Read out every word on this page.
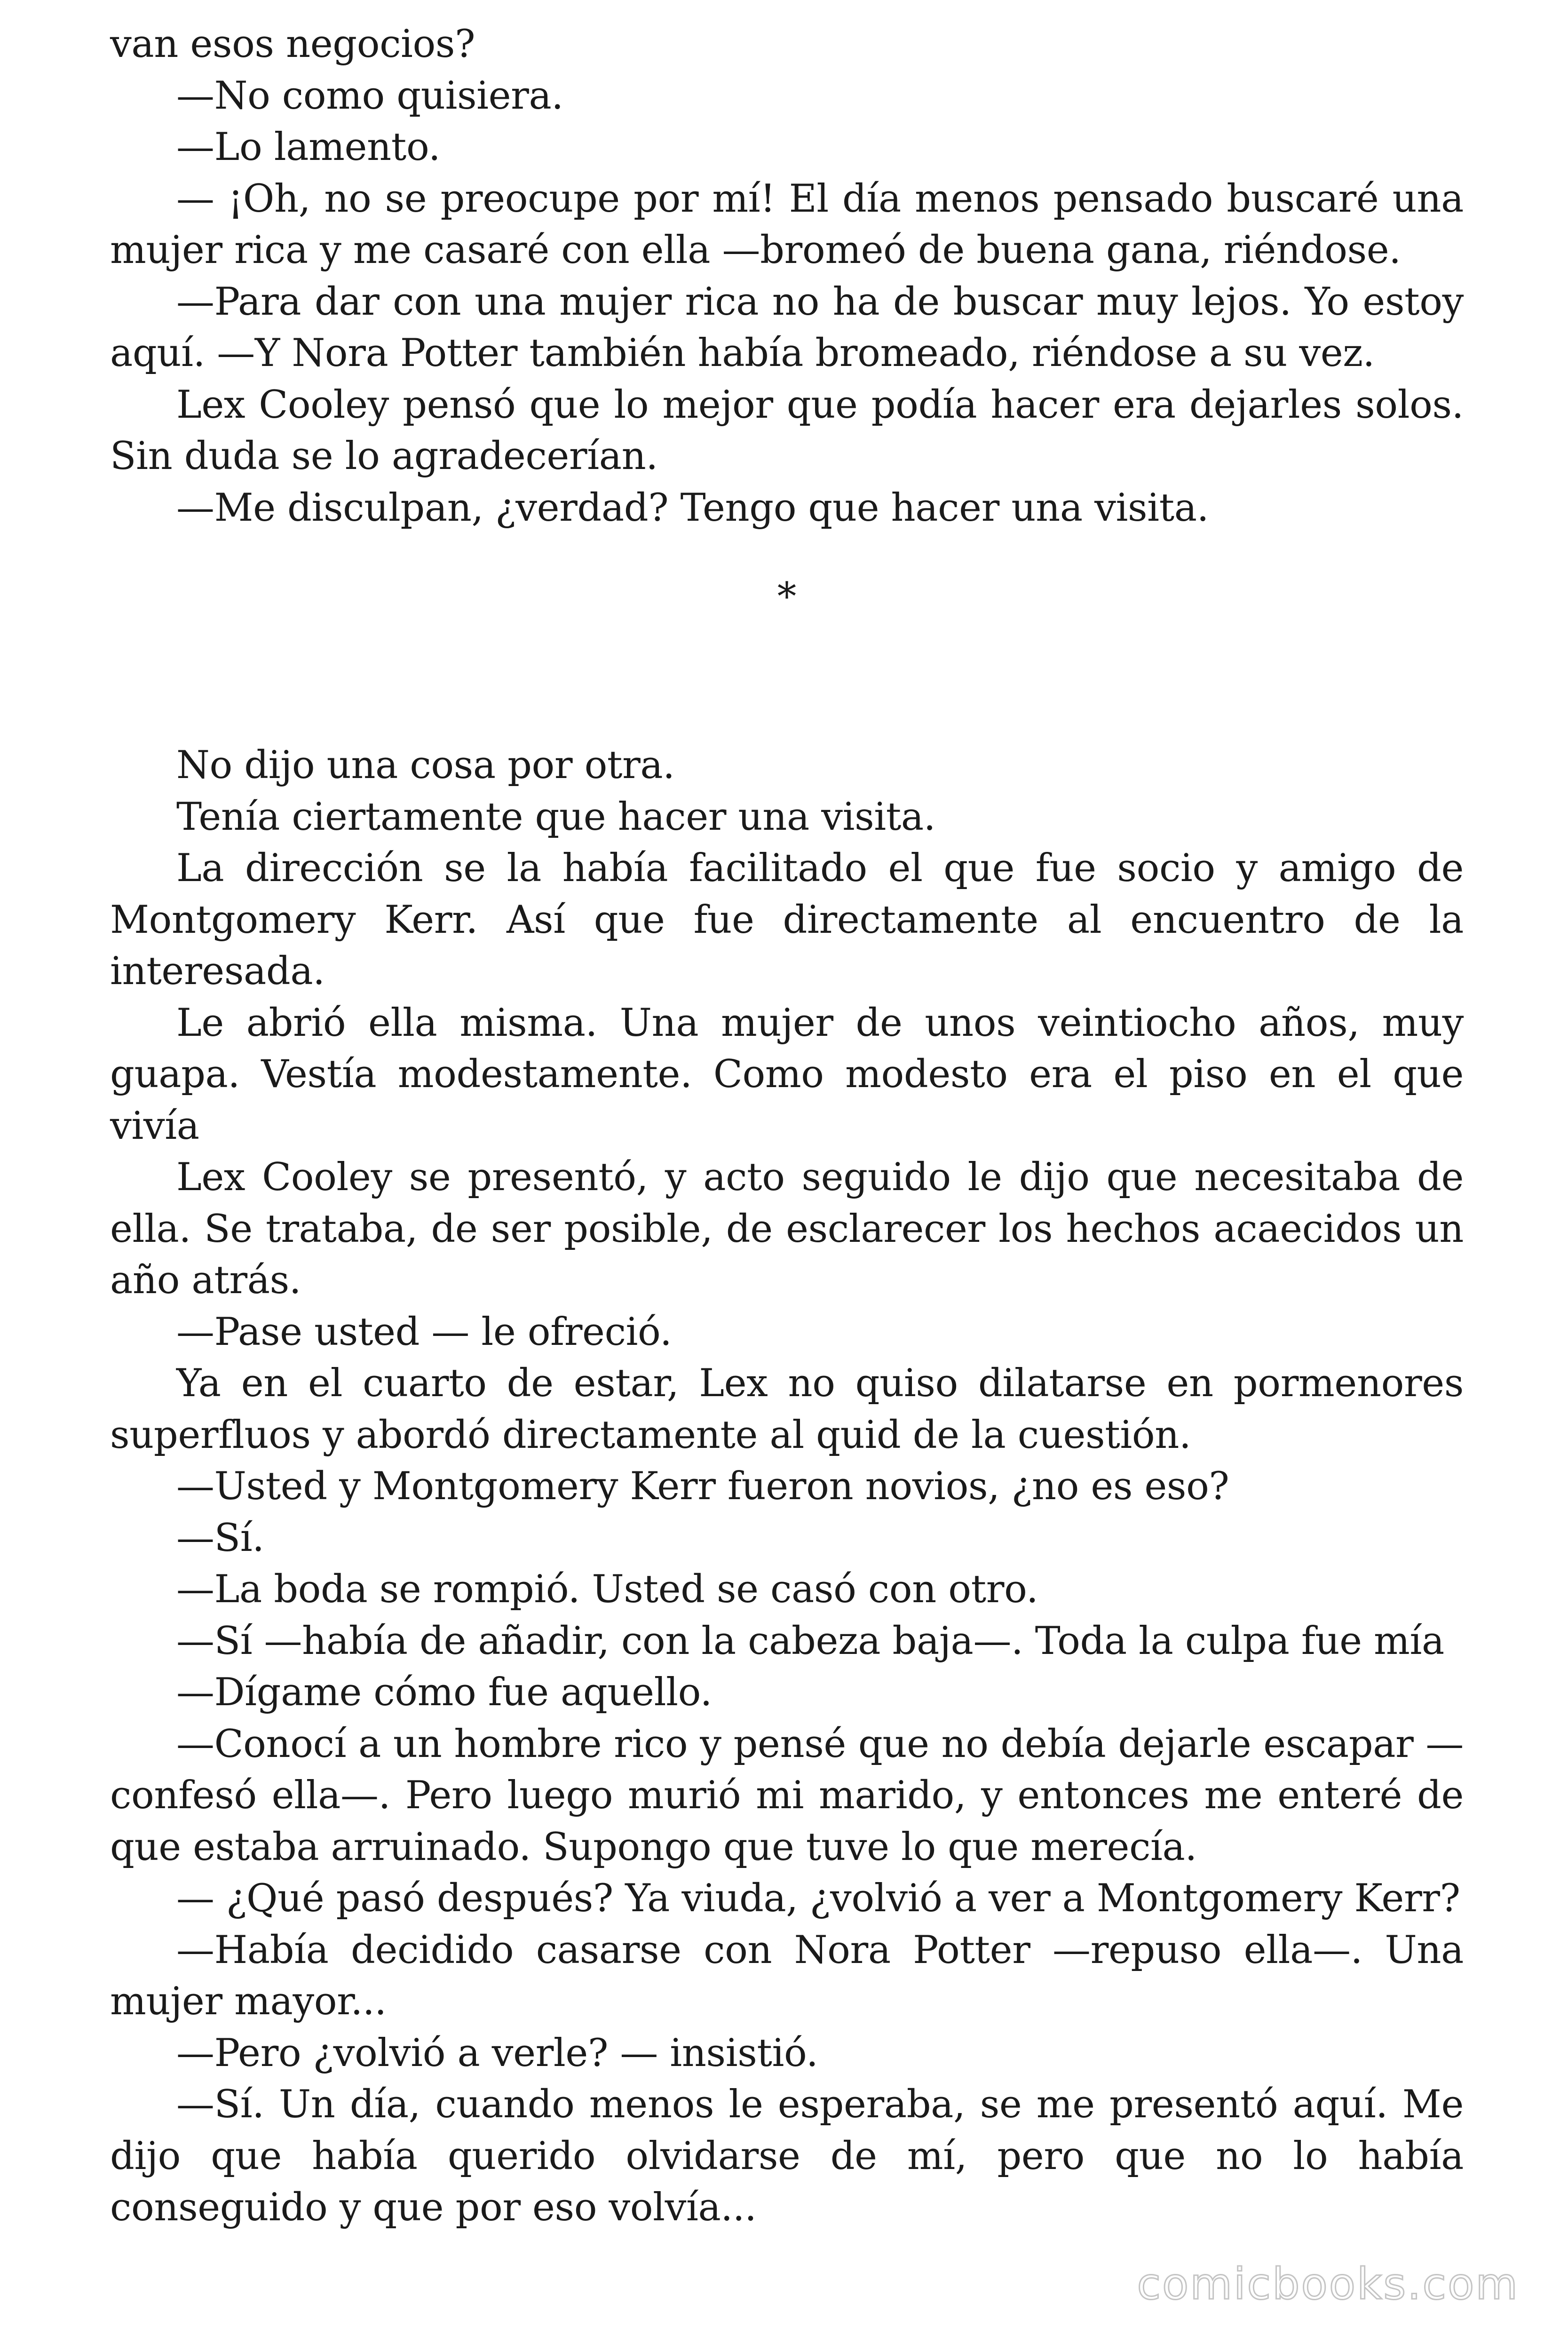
van esos negocios?

—No como quisiera.

—Lo lamento.

— ¡Oh, no se preocupe por mí! El día menos pensado buscaré una mujer rica y me casaré con ella —bromeó de buena gana, riéndose.

—Para dar con una mujer rica no ha de buscar muy lejos. Yo estoy aquí. —Y Nora Potter también había bromeado, riéndose a su vez.

Lex Cooley pensó que lo mejor que podía hacer era dejarles solos. Sin duda se lo agradecerían.

—Me disculpan, ¿verdad? Tengo que hacer una visita.

*

No dijo una cosa por otra.

Tenía ciertamente que hacer una visita.

La dirección se la había facilitado el que fue socio y amigo de Montgomery Kerr. Así que fue directamente al encuentro de la interesada.

Le abrió ella misma. Una mujer de unos veintiocho años, muy guapa. Vestía modestamente. Como modesto era el piso en el que vivía

Lex Cooley se presentó, y acto seguido le dijo que necesitaba de ella. Se trataba, de ser posible, de esclarecer los hechos acaecidos un año atrás.

—Pase usted — le ofreció.

Ya en el cuarto de estar, Lex no quiso dilatarse en pormenores superfluos y abordó directamente al quid de la cuestión.

—Usted y Montgomery Kerr fueron novios, ¿no es eso?

—Sí.

—La boda se rompió. Usted se casó con otro.

—Sí —había de añadir, con la cabeza baja—. Toda la culpa fue mía

—Dígame cómo fue aquello.

—Conocí a un hombre rico y pensé que no debía dejarle escapar —confesó ella—. Pero luego murió mi marido, y entonces me enteré de que estaba arruinado. Supongo que tuve lo que merecía.

— ¿Qué pasó después? Ya viuda, ¿volvió a ver a Montgomery Kerr?

—Había decidido casarse con Nora Potter —repuso ella—. Una mujer mayor...

—Pero ¿volvió a verle? — insistió.

—Sí. Un día, cuando menos le esperaba, se me presentó aquí. Me dijo que había querido olvidarse de mí, pero que no lo había conseguido y que por eso volvía...

comicbooks.com
